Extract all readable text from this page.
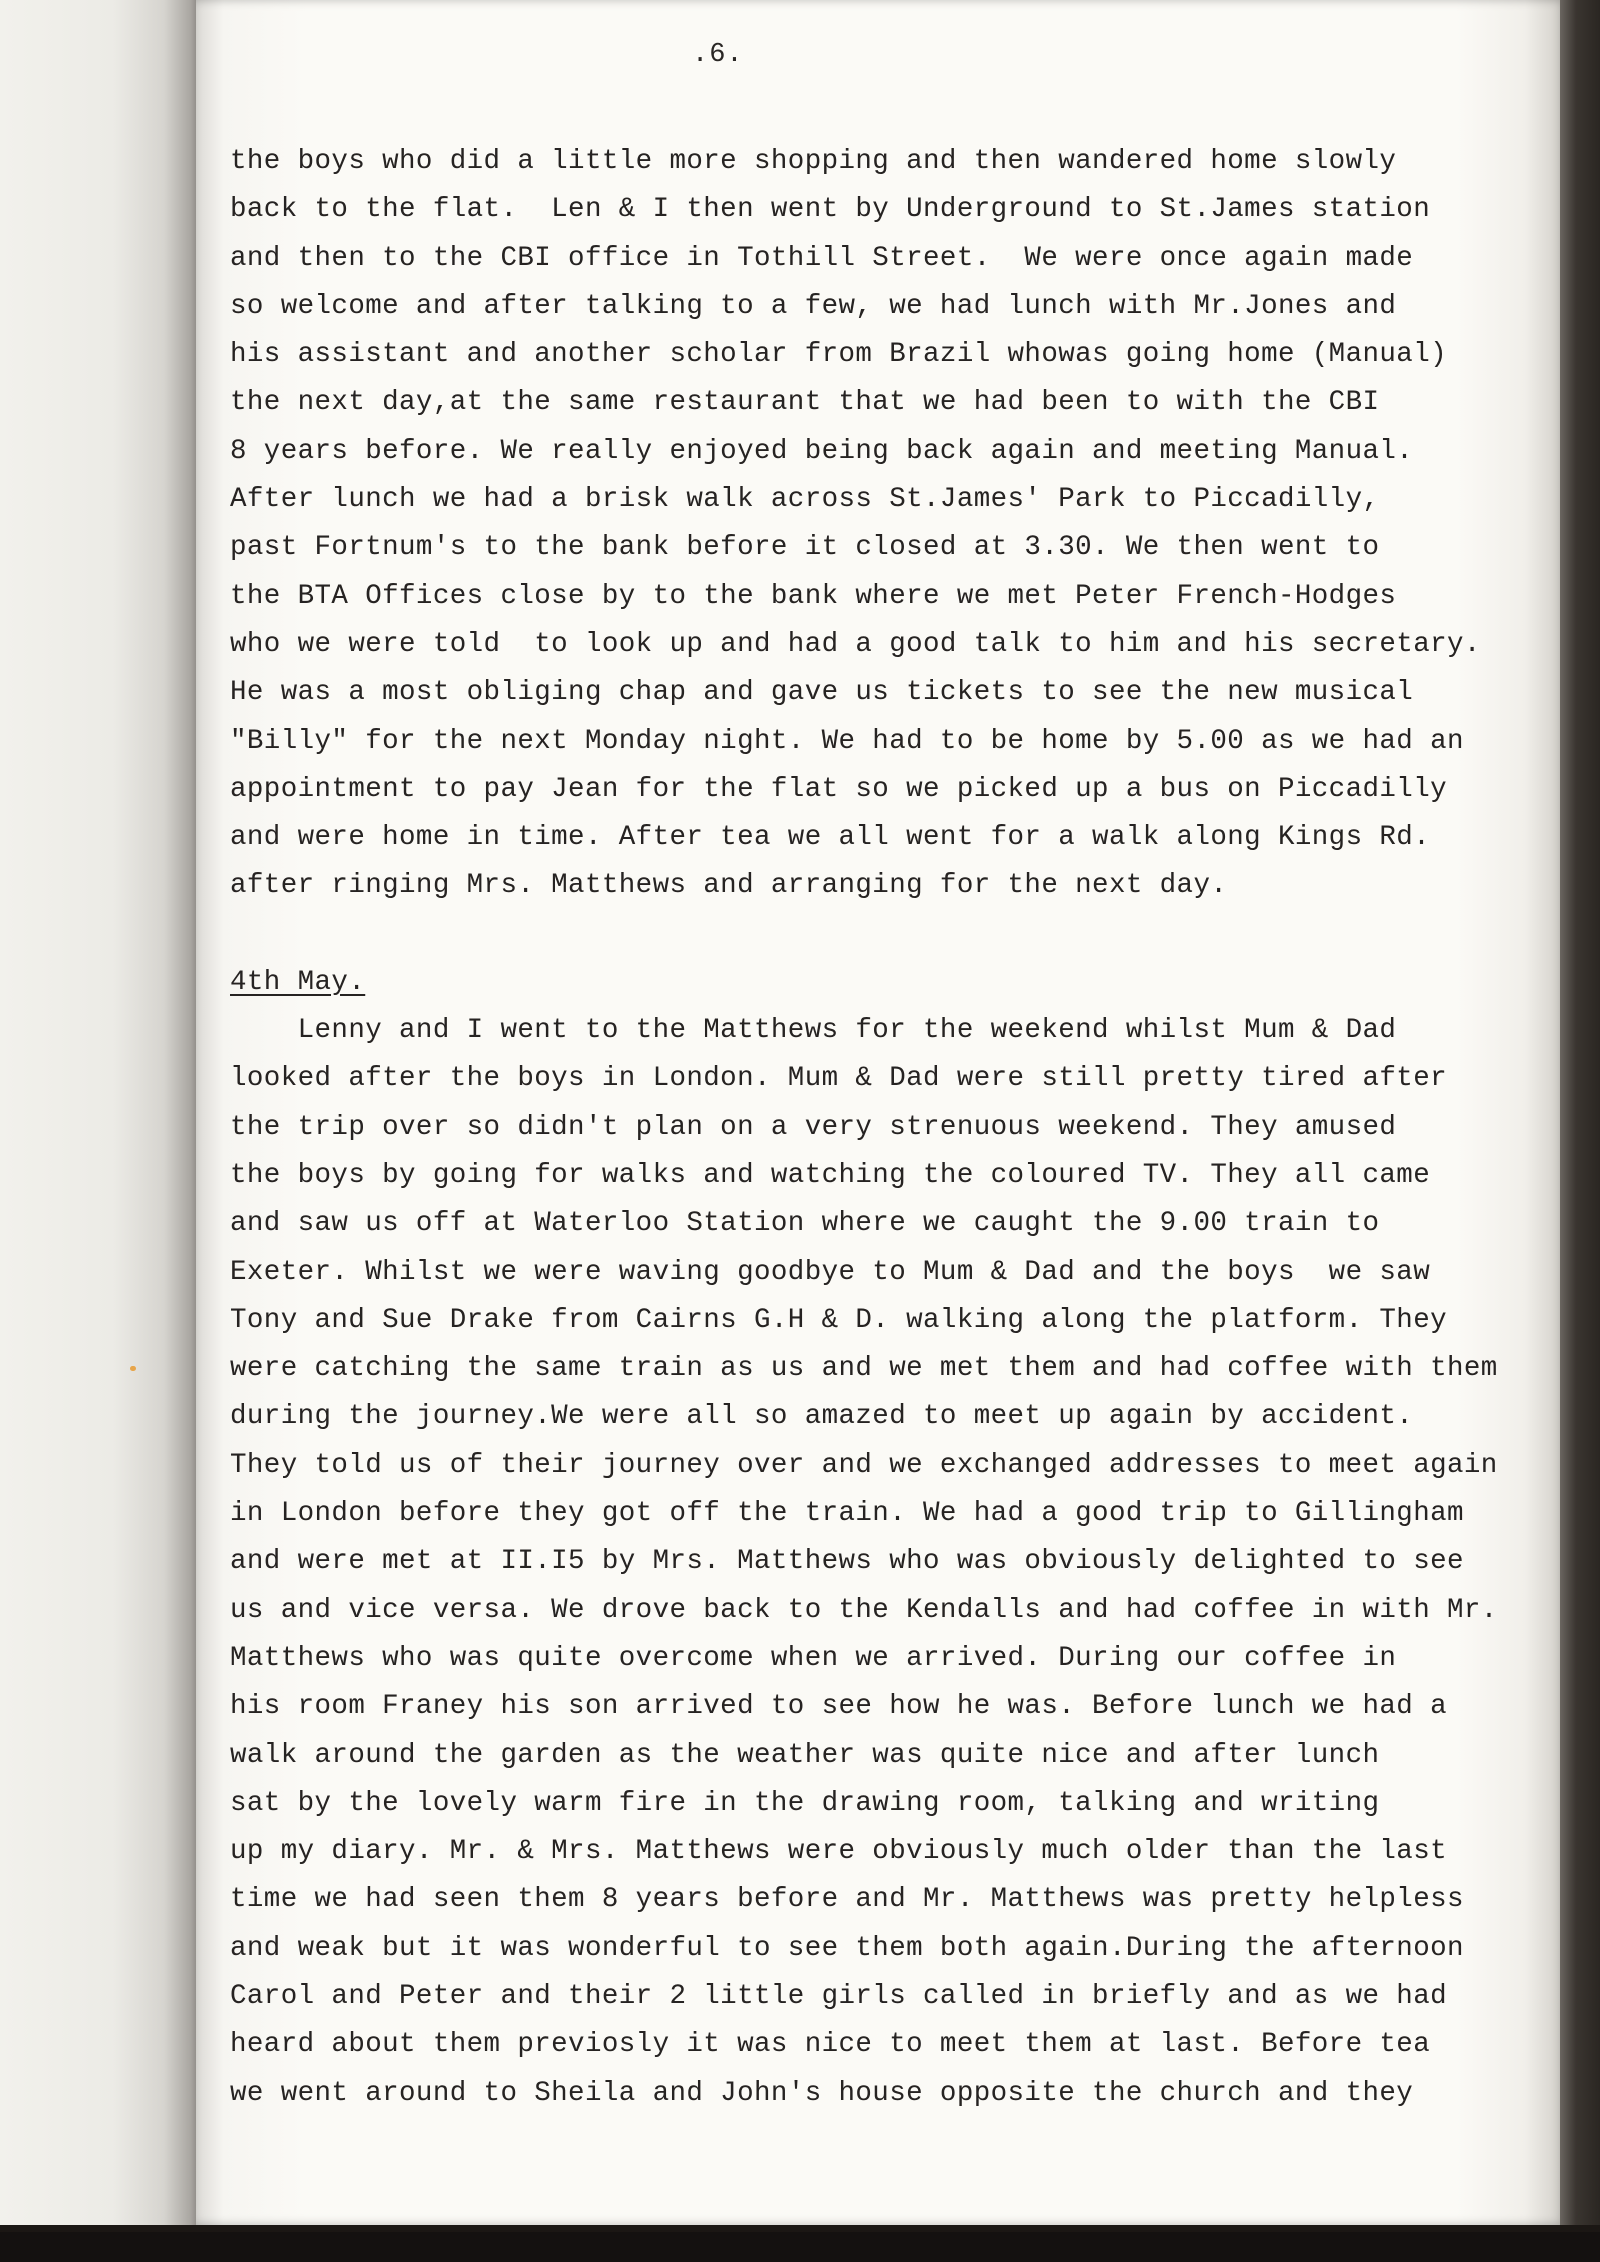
.6.
the boys who did a little more shopping and then wandered home slowly
back to the flat.  Len & I then went by Underground to St.James station
and then to the CBI office in Tothill Street.  We were once again made
so welcome and after talking to a few, we had lunch with Mr.Jones and
his assistant and another scholar from Brazil whowas going home (Manual)
the next day,at the same restaurant that we had been to with the CBI
8 years before. We really enjoyed being back again and meeting Manual.
After lunch we had a brisk walk across St.James' Park to Piccadilly,
past Fortnum's to the bank before it closed at 3.30. We then went to
the BTA Offices close by to the bank where we met Peter French-Hodges
who we were told  to look up and had a good talk to him and his secretary.
He was a most obliging chap and gave us tickets to see the new musical
"Billy" for the next Monday night. We had to be home by 5.00 as we had an
appointment to pay Jean for the flat so we picked up a bus on Piccadilly
and were home in time. After tea we all went for a walk along Kings Rd.
after ringing Mrs. Matthews and arranging for the next day.
4th May.
Lenny and I went to the Matthews for the weekend whilst Mum & Dad
looked after the boys in London. Mum & Dad were still pretty tired after
the trip over so didn't plan on a very strenuous weekend. They amused
the boys by going for walks and watching the coloured TV. They all came
and saw us off at Waterloo Station where we caught the 9.00 train to
Exeter. Whilst we were waving goodbye to Mum & Dad and the boys  we saw
Tony and Sue Drake from Cairns G.H & D. walking along the platform. They
were catching the same train as us and we met them and had coffee with them
during the journey.We were all so amazed to meet up again by accident.
They told us of their journey over and we exchanged addresses to meet again
in London before they got off the train. We had a good trip to Gillingham
and were met at II.I5 by Mrs. Matthews who was obviously delighted to see
us and vice versa. We drove back to the Kendalls and had coffee in with Mr.
Matthews who was quite overcome when we arrived. During our coffee in
his room Franey his son arrived to see how he was. Before lunch we had a
walk around the garden as the weather was quite nice and after lunch
sat by the lovely warm fire in the drawing room, talking and writing
up my diary. Mr. & Mrs. Matthews were obviously much older than the last
time we had seen them 8 years before and Mr. Matthews was pretty helpless
and weak but it was wonderful to see them both again.During the afternoon
Carol and Peter and their 2 little girls called in briefly and as we had
heard about them previosly it was nice to meet them at last. Before tea
we went around to Sheila and John's house opposite the church and they
